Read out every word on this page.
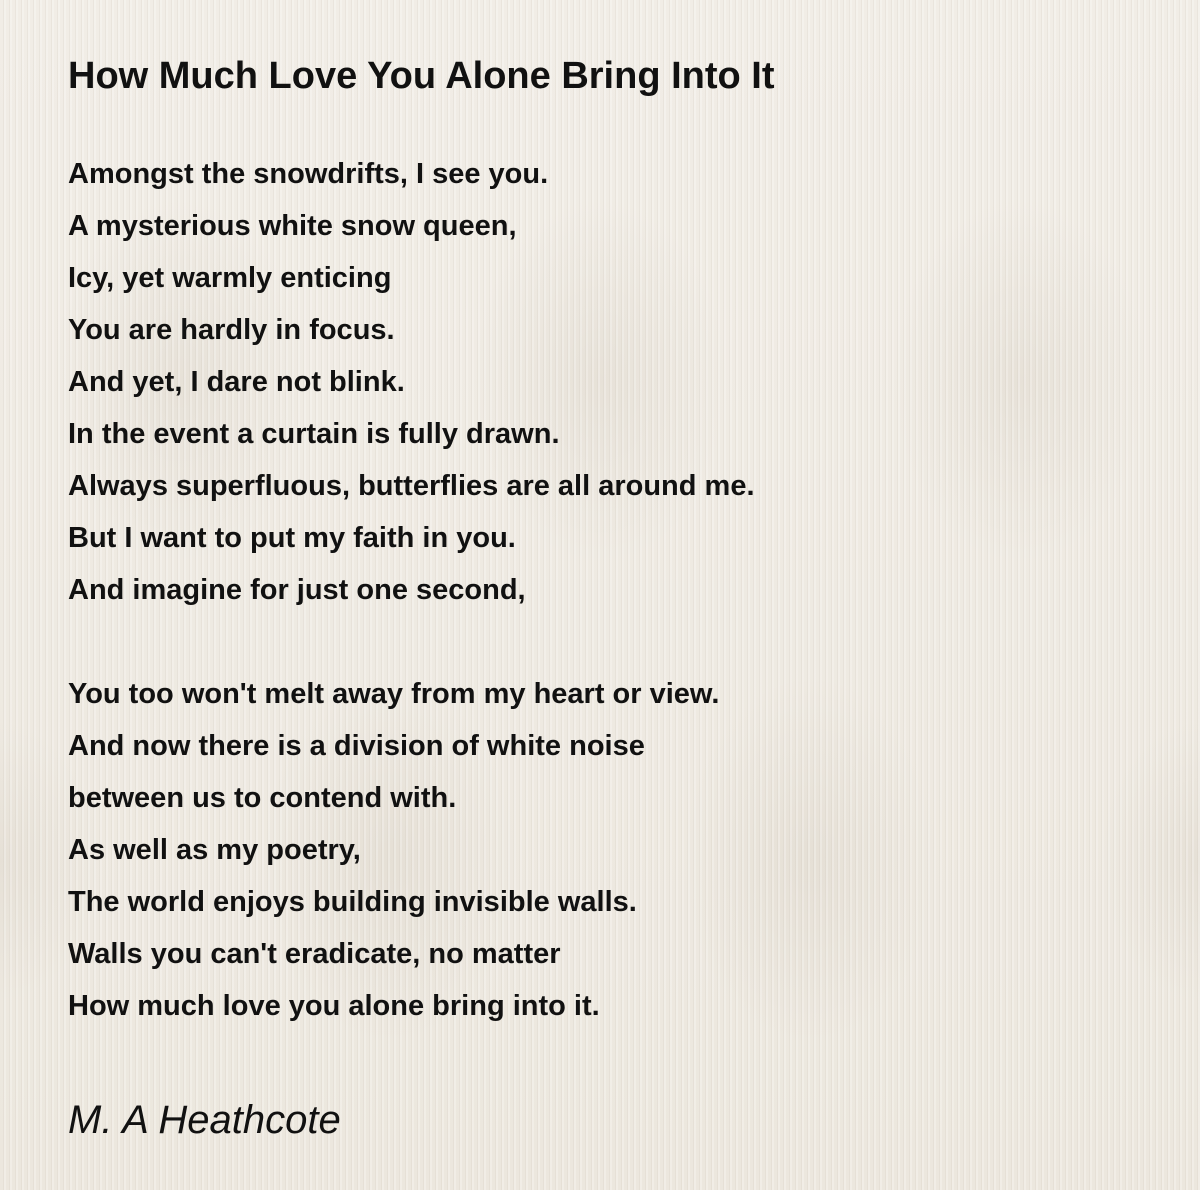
How Much Love You Alone Bring Into It
Amongst the snowdrifts, I see you.
A mysterious white snow queen,
Icy, yet warmly enticing
You are hardly in focus.
And yet, I dare not blink.
In the event a curtain is fully drawn.
Always superfluous, butterflies are all around me.
But I want to put my faith in you.
And imagine for just one second,
You too won't melt away from my heart or view.
And now there is a division of white noise
between us to contend with.
As well as my poetry,
The world enjoys building invisible walls.
Walls you can't eradicate, no matter
How much love you alone bring into it.
M. A Heathcote
